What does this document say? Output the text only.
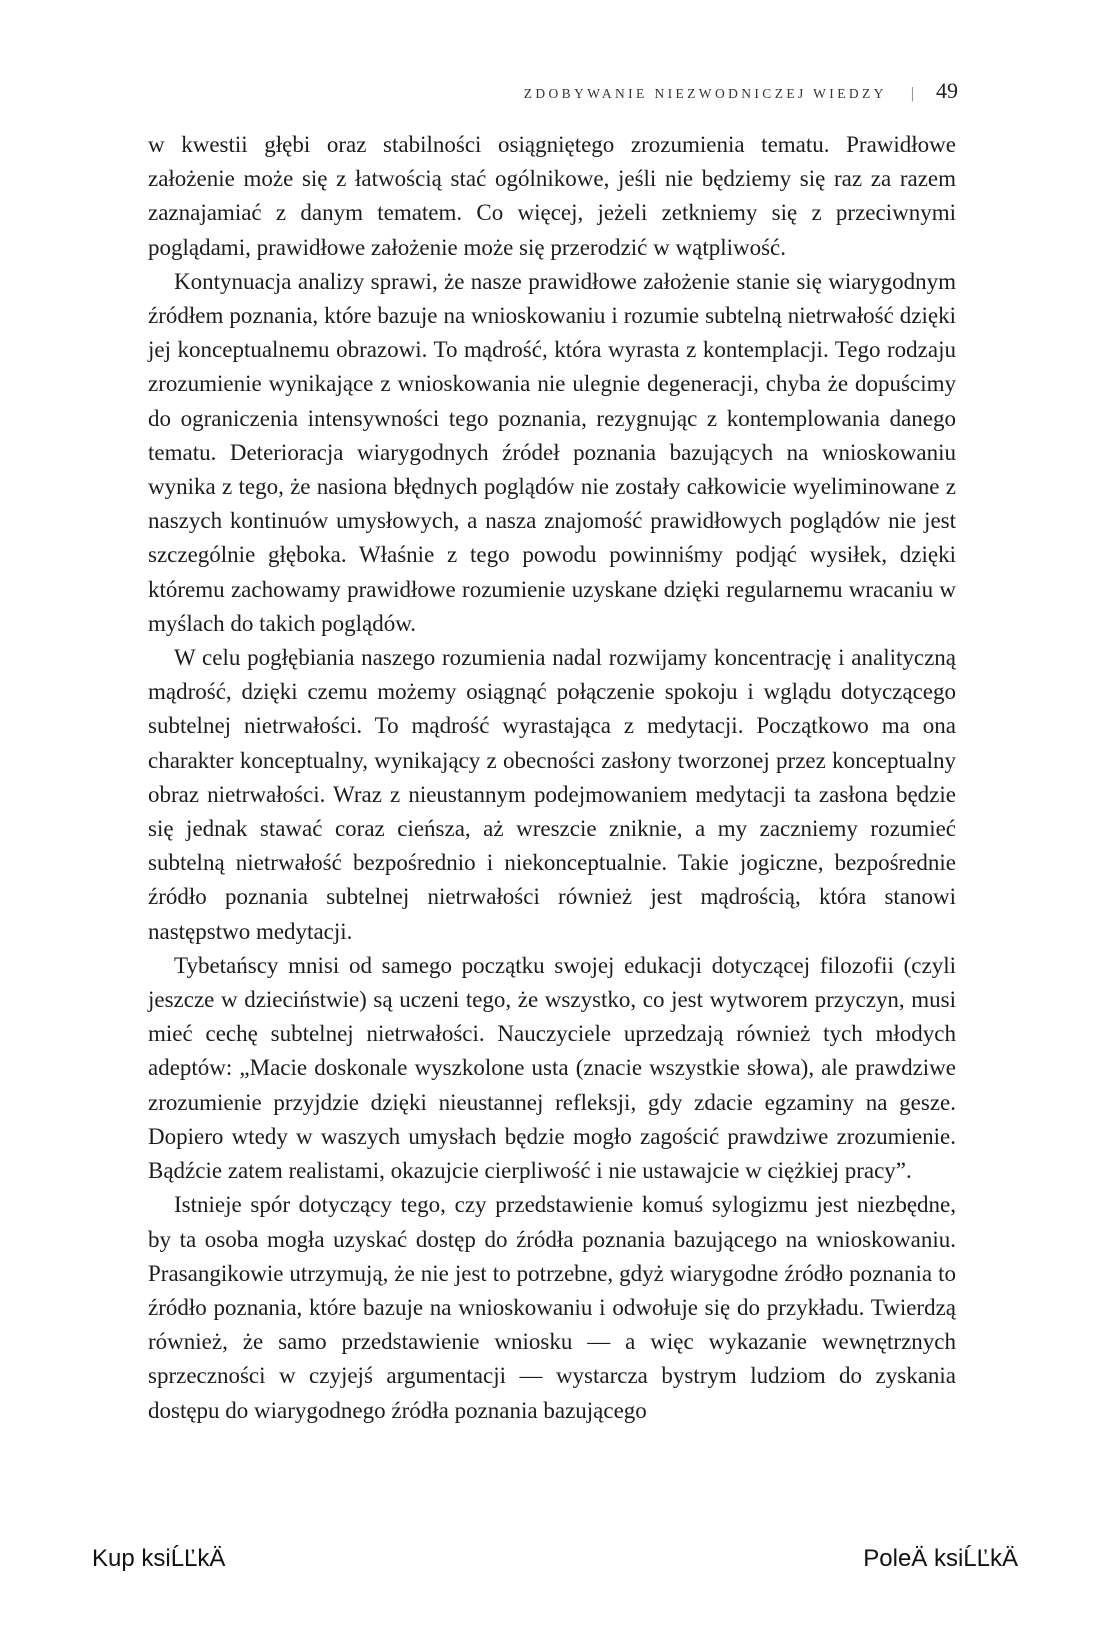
ZDOBYWANIE NIEZWODNICZEJ WIEDZY | 49

w kwestii głębi oraz stabilności osiągniętego zrozumienia tematu. Prawidłowe założenie może się z łatwością stać ogólnikowe, jeśli nie będziemy się raz za razem zaznajamiać z danym tematem. Co więcej, jeżeli zetkniemy się z przeciwnymi poglądami, prawidłowe założenie może się przerodzić w wątpliwość.

Kontynuacja analizy sprawi, że nasze prawidłowe założenie stanie się wiarygodnym źródłem poznania, które bazuje na wnioskowaniu i rozumie subtelną nietrwałość dzięki jej konceptualnemu obrazowi. To mądrość, która wyrasta z kontemplacji. Tego rodzaju zrozumienie wynikające z wnioskowania nie ulegnie degeneracji, chyba że dopuścimy do ograniczenia intensywności tego poznania, rezygnując z kontemplowania danego tematu. Deterioracja wiarygodnych źródeł poznania bazujących na wnioskowaniu wynika z tego, że nasiona błędnych poglądów nie zostały całkowicie wyeliminowane z naszych kontinuów umysłowych, a nasza znajomość prawidłowych poglądów nie jest szczególnie głęboka. Właśnie z tego powodu powinniśmy podjąć wysiłek, dzięki któremu zachowamy prawidłowe rozumienie uzyskane dzięki regularnemu wracaniu w myślach do takich poglądów.

W celu pogłębiania naszego rozumienia nadal rozwijamy koncentrację i analityczną mądrość, dzięki czemu możemy osiągnąć połączenie spokoju i wglądu dotyczącego subtelnej nietrwałości. To mądrość wyrastająca z medytacji. Początkowo ma ona charakter konceptualny, wynikający z obecności zasłony tworzonej przez konceptualny obraz nietrwałości. Wraz z nieustannym podejmowaniem medytacji ta zasłona będzie się jednak stawać coraz cieńsza, aż wreszcie zniknie, a my zaczniemy rozumieć subtelną nietrwałość bezpośrednio i niekonceptualnie. Takie jogiczne, bezpośrednie źródło poznania subtelnej nietrwałości również jest mądrością, która stanowi następstwo medytacji.

Tybetańscy mnisi od samego początku swojej edukacji dotyczącej filozofii (czyli jeszcze w dzieciństwie) są uczeni tego, że wszystko, co jest wytworem przyczyn, musi mieć cechę subtelnej nietrwałości. Nauczyciele uprzedzają również tych młodych adeptów: „Macie doskonale wyszkolone usta (znacie wszystkie słowa), ale prawdziwe zrozumienie przyjdzie dzięki nieustannej refleksji, gdy zdacie egzaminy na gesze. Dopiero wtedy w waszych umysłach będzie mogło zagościć prawdziwe zrozumienie. Bądźcie zatem realistami, okazujcie cierpliwość i nie ustawajcie w ciężkiej pracy”.

Istnieje spór dotyczący tego, czy przedstawienie komuś sylogizmu jest niezbędne, by ta osoba mogła uzyskać dostęp do źródła poznania bazującego na wnioskowaniu. Prasangikowie utrzymują, że nie jest to potrzebne, gdyż wiarygodne źródło poznania to źródło poznania, które bazuje na wnioskowaniu i odwołuje się do przykładu. Twierdzą również, że samo przedstawienie wniosku — a więc wykazanie wewnętrznych sprzeczności w czyjejś argumentacji — wystarcza bystrym ludziom do zyskania dostępu do wiarygodnego źródła poznania bazującego

Kup ksiĹĽkÄ	PoleÄ ksiĹĽkÄ
